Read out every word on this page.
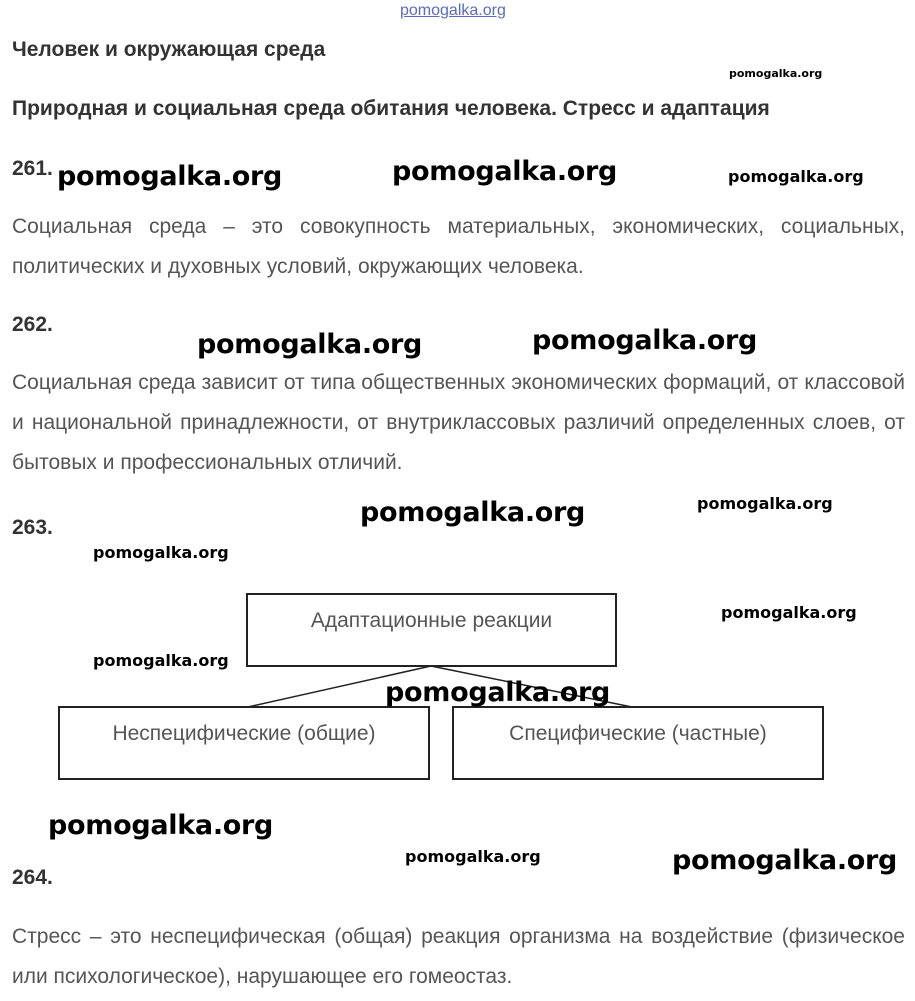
pomogalka.org
Человек и окружающая среда
Природная и социальная среда обитания человека. Стресс и адаптация
261.
Социальная среда – это совокупность материальных, экономических, социальных, политических и духовных условий, окружающих человека.
262.
Социальная среда зависит от типа общественных экономических формаций, от классовой и национальной принадлежности, от внутриклассовых различий определенных слоев, от бытовых и профессиональных отличий.
263.
Адаптационные реакции
Неспецифические (общие)	Специфические (частные)
264.
Стресс – это неспецифическая (общая) реакция организма на воздействие (физическое или психологическое), нарушающее его гомеостаз.
pomogalka.org
pomogalka.org	pomogalka.org	pomogalka.org
pomogalka.org	pomogalka.org
pomogalka.org	pomogalka.org
pomogalka.org
pomogalka.org
pomogalka.org
pomogalka.org
pomogalka.org
pomogalka.org	pomogalka.org
